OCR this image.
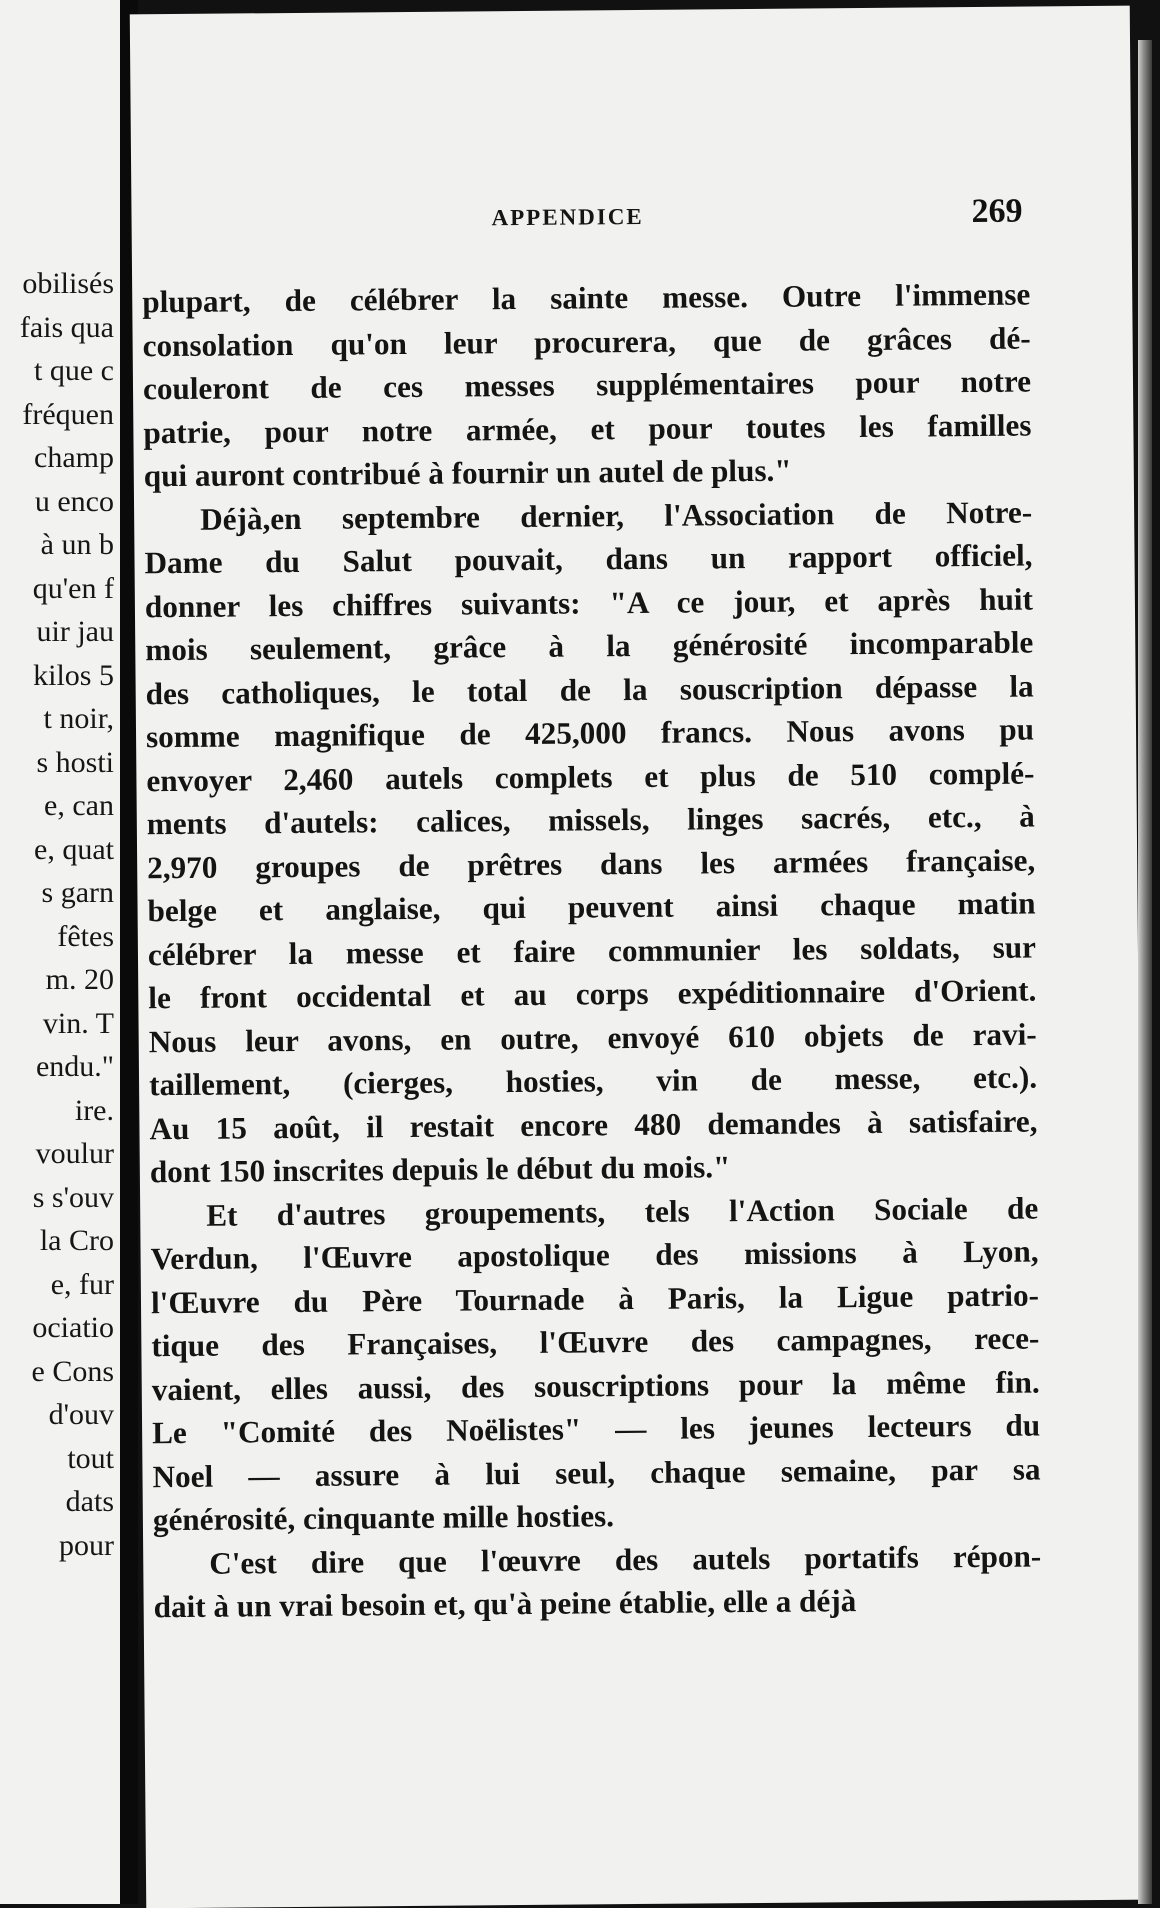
obilisés
fais qua
t que c
fréquen
champ
u enco
à un b
qu'en f
uir jau
kilos 5
t noir,
s hosti
e, can
e, quat
s garn
fêtes
m. 20
vin. T
endu."
ire.
voulur
s s'ouv
la Cro
e, fur
ociatio
e Cons
d'ouv
tout
dats
pour
APPENDICE	269
plupart, de célébrer la sainte messe. Outre l'immense
consolation qu'on leur procurera, que de grâces dé-
couleront de ces messes supplémentaires pour notre
patrie, pour notre armée, et pour toutes les familles
qui auront contribué à fournir un autel de plus."
Déjà,en septembre dernier, l'Association de Notre-
Dame du Salut pouvait, dans un rapport officiel,
donner les chiffres suivants: "A ce jour, et après huit
mois seulement, grâce à la générosité incomparable
des catholiques, le total de la souscription dépasse la
somme magnifique de 425,000 francs. Nous avons pu
envoyer 2,460 autels complets et plus de 510 complé-
ments d'autels: calices, missels, linges sacrés, etc., à
2,970 groupes de prêtres dans les armées française,
belge et anglaise, qui peuvent ainsi chaque matin
célébrer la messe et faire communier les soldats, sur
le front occidental et au corps expéditionnaire d'Orient.
Nous leur avons, en outre, envoyé 610 objets de ravi-
taillement, (cierges, hosties, vin de messe, etc.).
Au 15 août, il restait encore 480 demandes à satisfaire,
dont 150 inscrites depuis le début du mois."
Et d'autres groupements, tels l'Action Sociale de
Verdun, l'Œuvre apostolique des missions à Lyon,
l'Œuvre du Père Tournade à Paris, la Ligue patrio-
tique des Françaises, l'Œuvre des campagnes, rece-
vaient, elles aussi, des souscriptions pour la même fin.
Le "Comité des Noëlistes" — les jeunes lecteurs du
Noel — assure à lui seul, chaque semaine, par sa
générosité, cinquante mille hosties.
C'est dire que l'œuvre des autels portatifs répon-
dait à un vrai besoin et, qu'à peine établie, elle a déjà
